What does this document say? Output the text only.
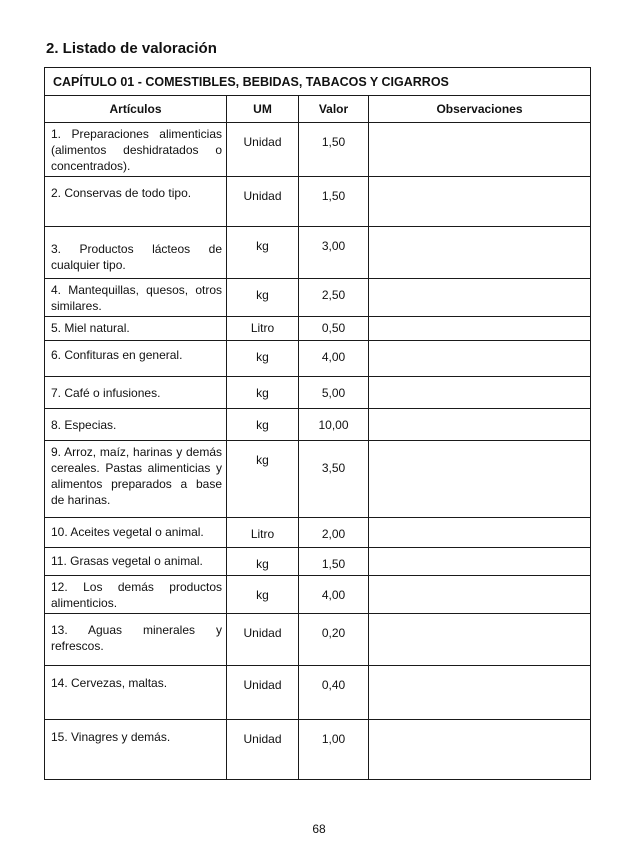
2. Listado de valoración
CAPÍTULO 01 - COMESTIBLES, BEBIDAS, TABACOS Y CIGARROS			
Artículos	UM	Valor	Observaciones
1. Preparaciones alimenticias (alimentos deshidratados o concentrados).	Unidad	1,50	
2. Conservas de todo tipo.	Unidad	1,50	
3. Productos lácteos de cualquier tipo.	kg	3,00	
4. Mantequillas, quesos, otros similares.	kg	2,50	
5. Miel natural.	Litro	0,50	
6. Confituras en general.	kg	4,00	
7. Café o infusiones.	kg	5,00	
8. Especias.	kg	10,00	
9. Arroz, maíz, harinas y demás cereales. Pastas alimenticias y alimentos preparados a base de harinas.	kg	3,50	
10. Aceites vegetal o animal.	Litro	2,00	
11. Grasas vegetal o animal.	kg	1,50	
12. Los demás productos alimenticios.	kg	4,00	
13. Aguas minerales y refrescos.	Unidad	0,20	
14. Cervezas, maltas.	Unidad	0,40	
15. Vinagres y demás.	Unidad	1,00	
68
